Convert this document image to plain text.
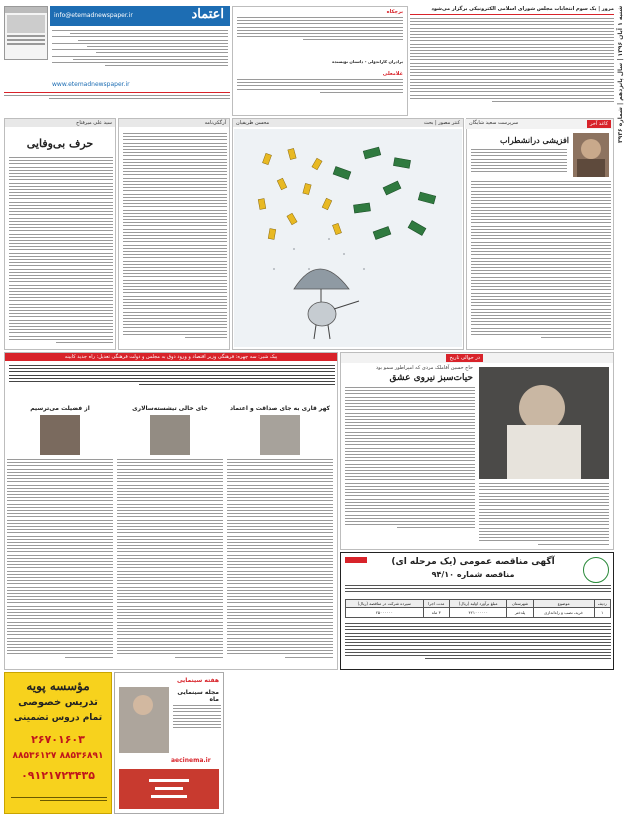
اعتماد
info@etemadnewspaper.ir
www.etemadnewspaper.ir
برچکاه
برادران کاراندولی - داستان نویسنده
غلامعلی
مرور | یک سوم انتخابات مجلس شورای اسلامی الکترونیکی برگزار می‌شود
شنبه ۱ آبان ۱۳۹۶ | سال پانزدهم | شماره ۳۹۳۶
سید علی میرفتاح
حرف بی‌وفایی
آرگکی‌نامه	کنتر مصور | بحث
محسن ظریفیان	کاغذ آخر
سرپرست سعید شایگان
افزیشی درانشطراب
پیک شیر: سه چهره: فرهنگی وزیر اقتصاد و ورود ذوق به مجلس و دولت فرهنگی تعدیل: راه جدید کابینه
کهر قاری به جای صداقت و اعتماد
جای خالی تیشسته‌سالاری
از فضیلت می‌ترسیم
در حوالی تاریخ
حاج حسین آقاملک مردی که امپراطور سمو بود
حیات‌سبز نیروی عشق
آگهی مناقصه عمومی (یک مرحله ای)
مناقصه شماره ۹۴/۱۰
ردیف	موضوع	شهرستان	مبلغ برآورد اولیه (ریال)	مدت اجرا	سپرده شرکت در مناقصه (ریال)
۱	خرید، نصب و راه‌اندازی	پلدختر	۴۲۱۰۰۰۰۰۰	۳ ماه	۲۵۰۰۰۰۰۰
مؤسسه پویه
تدریس خصوصی
تمام دروس تضمینی
۲۶۷۰۱۶۰۳
۸۸۵۳۶۸۹۱ ۸۸۵۳۶۱۲۷
۰۹۱۲۱۷۲۳۴۳۵
هفته سینمایی
مجله سینمایی ماه
aecinema.ir
